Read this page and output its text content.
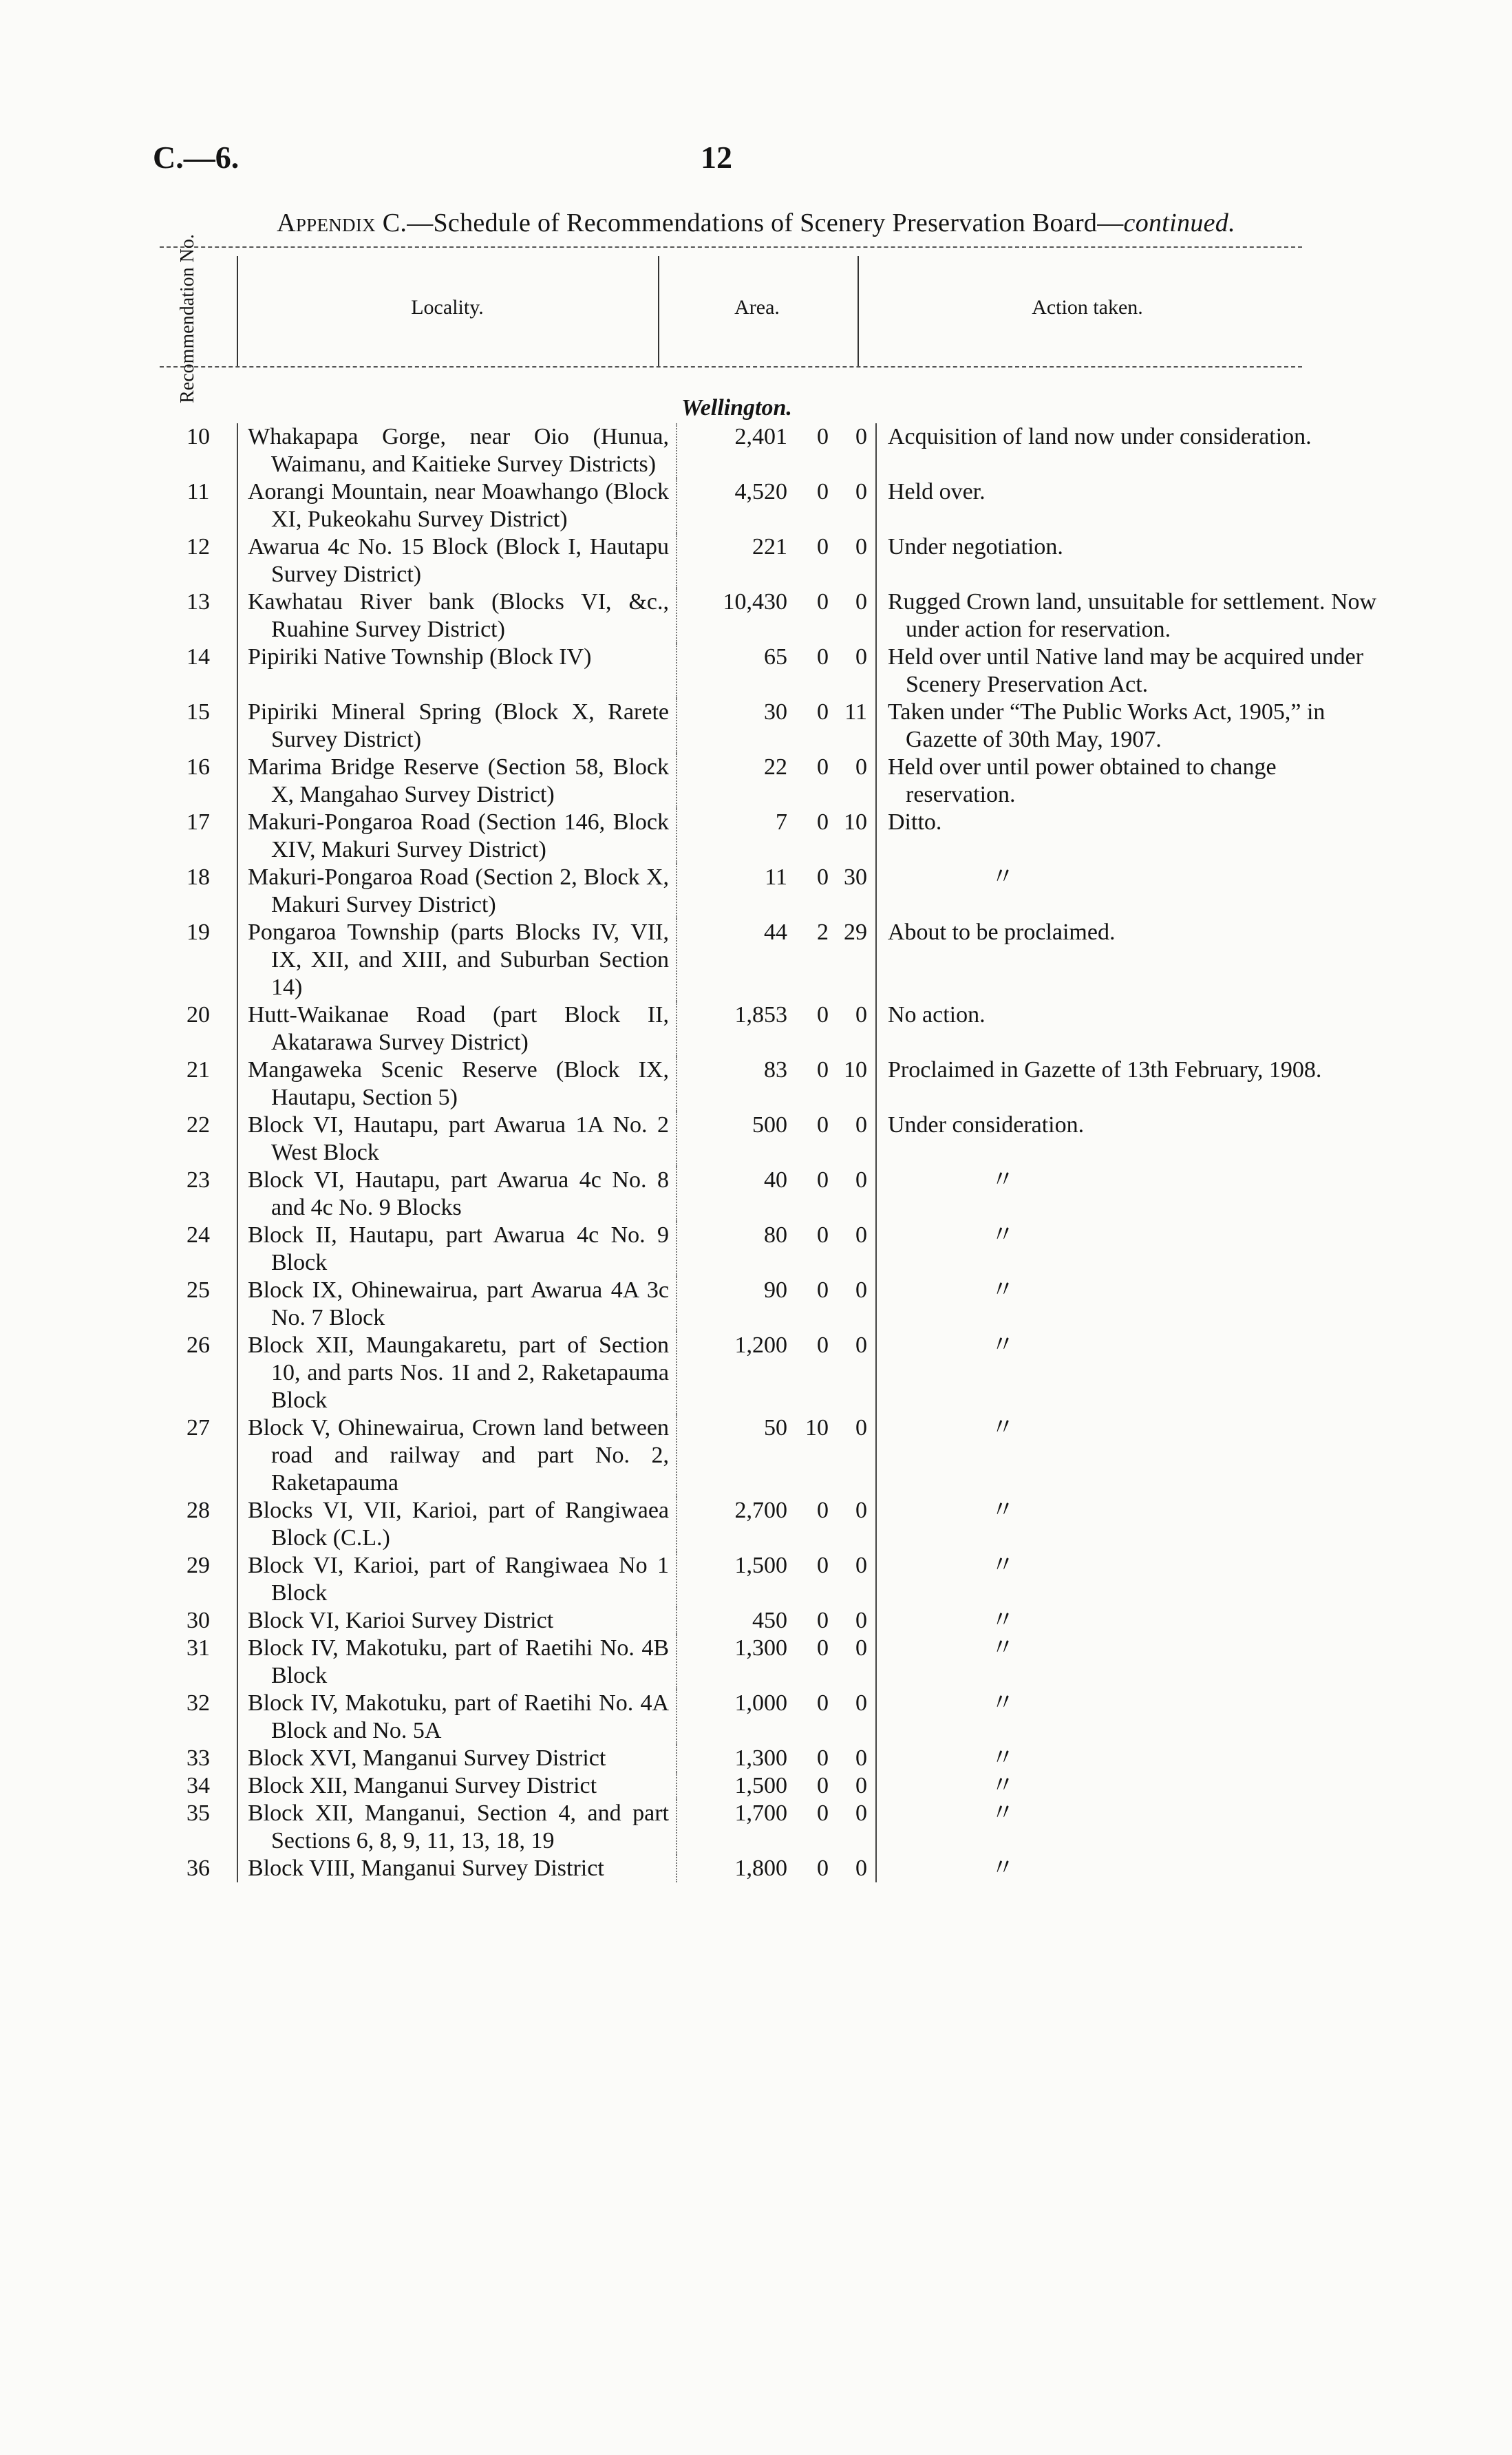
C.—6.	12
Appendix C.—Schedule of Recommendations of Scenery Preservation Board—continued.
Recommendation No.	Locality.	Area.	Action taken.
Wellington.
10	Whakapapa Gorge, near Oio (Hunua, Waimanu, and Kaitieke Survey Districts)	2,401	0	0	Acquisition of land now under consideration.

11	Aorangi Mountain, near Moawhango (Block XI, Pukeokahu Survey District)	4,520	0	0	Held over.

12	Awarua 4c No. 15 Block (Block I, Hautapu Survey District)	221	0	0	Under negotiation.

13	Kawhatau River bank (Blocks VI, &c., Ruahine Survey District)	10,430	0	0	Rugged Crown land, unsuitable for settlement. Now under action for reservation.

14	Pipiriki Native Township (Block IV)	65	0	0	Held over until Native land may be acquired under Scenery Preservation Act.

15	Pipiriki Mineral Spring (Block X, Rarete Survey District)	30	0	11	Taken under “The Public Works Act, 1905,” in Gazette of 30th May, 1907.

16	Marima Bridge Reserve (Section 58, Block X, Mangahao Survey District)	22	0	0	Held over until power obtained to change reservation.

17	Makuri-Pongaroa Road (Section 146, Block XIV, Makuri Survey District)	7	0	10	Ditto.

18	Makuri-Pongaroa Road (Section 2, Block X, Makuri Survey District)	11	0	30	〃

19	Pongaroa Township (parts Blocks IV, VII, IX, XII, and XIII, and Suburban Section 14)	44	2	29	About to be proclaimed.

20	Hutt-Waikanae Road (part Block II, Akatarawa Survey District)	1,853	0	0	No action.

21	Mangaweka Scenic Reserve (Block IX, Hautapu, Section 5)	83	0	10	Proclaimed in Gazette of 13th February, 1908.

22	Block VI, Hautapu, part Awarua 1A No. 2 West Block	500	0	0	Under consideration.

23	Block VI, Hautapu, part Awarua 4c No. 8 and 4c No. 9 Blocks	40	0	0	〃

24	Block II, Hautapu, part Awarua 4c No. 9 Block	80	0	0	〃

25	Block IX, Ohinewairua, part Awarua 4A 3c No. 7 Block	90	0	0	〃

26	Block XII, Maungakaretu, part of Section 10, and parts Nos. 1I and 2, Raketapauma Block	1,200	0	0	〃

27	Block V, Ohinewairua, Crown land between road and railway and part No. 2, Raketapauma	50	10	0	〃

28	Blocks VI, VII, Karioi, part of Rangiwaea Block (C.L.)	2,700	0	0	〃

29	Block VI, Karioi, part of Rangiwaea No 1 Block	1,500	0	0	〃

30	Block VI, Karioi Survey District	450	0	0	〃

31	Block IV, Makotuku, part of Raetihi No. 4B Block	1,300	0	0	〃

32	Block IV, Makotuku, part of Raetihi No. 4A Block and No. 5A	1,000	0	0	〃

33	Block XVI, Manganui Survey District	1,300	0	0	〃

34	Block XII, Manganui Survey District	1,500	0	0	〃

35	Block XII, Manganui, Section 4, and part Sections 6, 8, 9, 11, 13, 18, 19	1,700	0	0	〃

36	Block VIII, Manganui Survey District	1,800	0	0	〃
